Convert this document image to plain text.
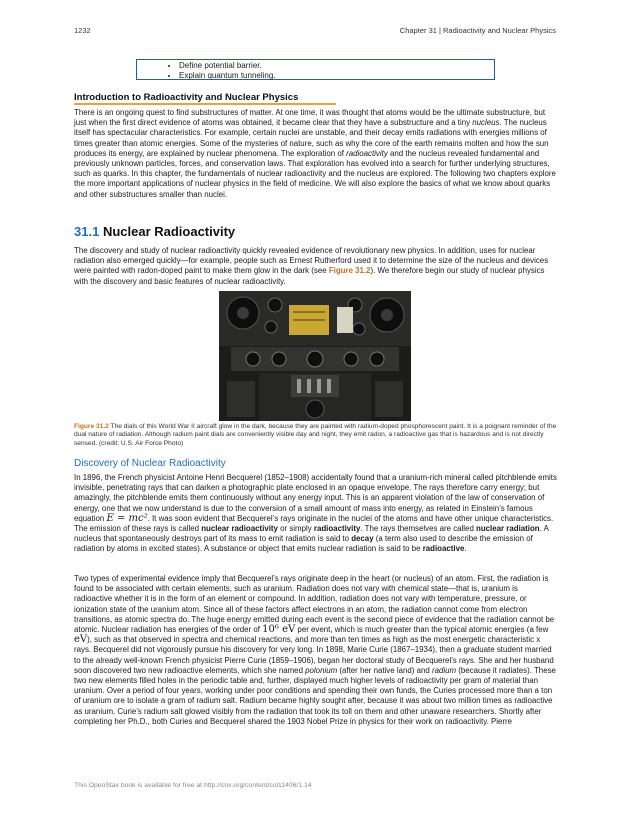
1232	Chapter 31 | Radioactivity and Nuclear Physics
• Define potential barrier.
• Explain quantum tunneling.
Introduction to Radioactivity and Nuclear Physics

There is an ongoing quest to find substructures of matter. At one time, it was thought that atoms would be the ultimate substructure, but just when the first direct evidence of atoms was obtained, it became clear that they have a substructure and a tiny nucleus. The nucleus itself has spectacular characteristics. For example, certain nuclei are unstable, and their decay emits radiations with energies millions of times greater than atomic energies. Some of the mysteries of nature, such as why the core of the earth remains molten and how the sun produces its energy, are explained by nuclear phenomena. The exploration of radioactivity and the nucleus revealed fundamental and previously unknown particles, forces, and conservation laws. That exploration has evolved into a search for further underlying structures, such as quarks. In this chapter, the fundamentals of nuclear radioactivity and the nucleus are explored. The following two chapters explore the more important applications of nuclear physics in the field of medicine. We will also explore the basics of what we know about quarks and other substructures smaller than nuclei.

31.1 Nuclear Radioactivity

The discovery and study of nuclear radioactivity quickly revealed evidence of revolutionary new physics. In addition, uses for nuclear radiation also emerged quickly—for example, people such as Ernest Rutherford used it to determine the size of the nucleus and devices were painted with radon-doped paint to make them glow in the dark (see Figure 31.2). We therefore begin our study of nuclear physics with the discovery and basic features of nuclear radioactivity.

Figure 31.2 The dials of this World War II aircraft glow in the dark, because they are painted with radium-doped phosphorescent paint. It is a poignant reminder of the dual nature of radiation. Although radium paint dials are conveniently visible day and night, they emit radon, a radioactive gas that is hazardous and is not directly sensed. (credit: U.S. Air Force Photo)
Discovery of Nuclear Radioactivity

In 1896, the French physicist Antoine Henri Becquerel (1852–1908) accidentally found that a uranium-rich mineral called pitchblende emits invisible, penetrating rays that can darken a photographic plate enclosed in an opaque envelope. The rays therefore carry energy; but amazingly, the pitchblende emits them continuously without any energy input. This is an apparent violation of the law of conservation of energy, one that we now understand is due to the conversion of a small amount of mass into energy, as related in Einstein’s famous equation E = mc². It was soon evident that Becquerel’s rays originate in the nuclei of the atoms and have other unique characteristics. The emission of these rays is called nuclear radioactivity or simply radioactivity. The rays themselves are called nuclear radiation. A nucleus that spontaneously destroys part of its mass to emit radiation is said to decay (a term also used to describe the emission of radiation by atoms in excited states). A substance or object that emits nuclear radiation is said to be radioactive.

Two types of experimental evidence imply that Becquerel’s rays originate deep in the heart (or nucleus) of an atom. First, the radiation is found to be associated with certain elements, such as uranium. Radiation does not vary with chemical state—that is, uranium is radioactive whether it is in the form of an element or compound. In addition, radiation does not vary with temperature, pressure, or ionization state of the uranium atom. Since all of these factors affect electrons in an atom, the radiation cannot come from electron transitions, as atomic spectra do. The huge energy emitted during each event is the second piece of evidence that the radiation cannot be atomic. Nuclear radiation has energies of the order of 10⁶ eV per event, which is much greater than the typical atomic energies (a few eV), such as that observed in spectra and chemical reactions, and more than ten times as high as the most energetic characteristic x rays. Becquerel did not vigorously pursue his discovery for very long. In 1898, Marie Curie (1867–1934), then a graduate student married to the already well-known French physicist Pierre Curie (1859–1906), began her doctoral study of Becquerel’s rays. She and her husband soon discovered two new radioactive elements, which she named polonium (after her native land) and radium (because it radiates). These two new elements filled holes in the periodic table and, further, displayed much higher levels of radioactivity per gram of material than uranium. Over a period of four years, working under poor conditions and spending their own funds, the Curies processed more than a ton of uranium ore to isolate a gram of radium salt. Radium became highly sought after, because it was about two million times as radioactive as uranium. Curie’s radium salt glowed visibly from the radiation that took its toll on them and other unaware researchers. Shortly after completing her Ph.D., both Curies and Becquerel shared the 1903 Nobel Prize in physics for their work on radioactivity. Pierre

This OpenStax book is available for free at http://cnx.org/content/col11406/1.14
